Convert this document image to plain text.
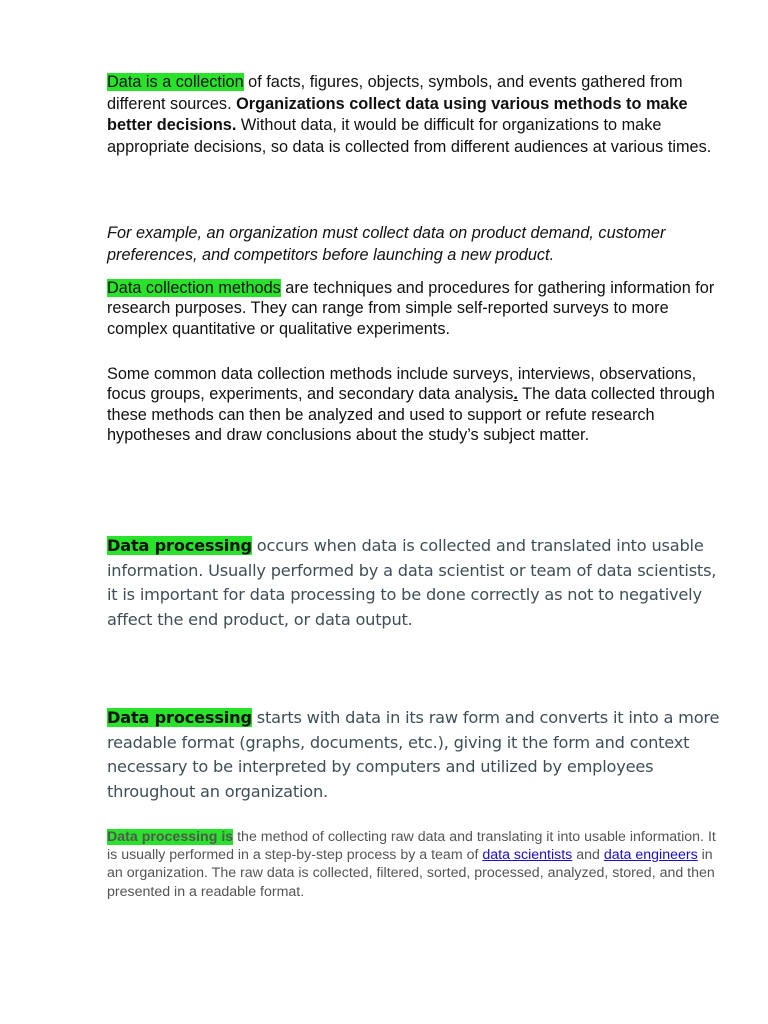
Data is a collection of facts, figures, objects, symbols, and events gathered from different sources. Organizations collect data using various methods to make better decisions. Without data, it would be difficult for organizations to make appropriate decisions, so data is collected from different audiences at various times.

For example, an organization must collect data on product demand, customer preferences, and competitors before launching a new product.

Data collection methods are techniques and procedures for gathering information for research purposes. They can range from simple self-reported surveys to more complex quantitative or qualitative experiments.

Some common data collection methods include surveys, interviews, observations, focus groups, experiments, and secondary data analysis. The data collected through these methods can then be analyzed and used to support or refute research hypotheses and draw conclusions about the study’s subject matter.

Data processing occurs when data is collected and translated into usable information. Usually performed by a data scientist or team of data scientists, it is important for data processing to be done correctly as not to negatively affect the end product, or data output.

Data processing starts with data in its raw form and converts it into a more readable format (graphs, documents, etc.), giving it the form and context necessary to be interpreted by computers and utilized by employees throughout an organization.

Data processing is the method of collecting raw data and translating it into usable information. It is usually performed in a step-by-step process by a team of data scientists and data engineers in an organization. The raw data is collected, filtered, sorted, processed, analyzed, stored, and then presented in a readable format.
